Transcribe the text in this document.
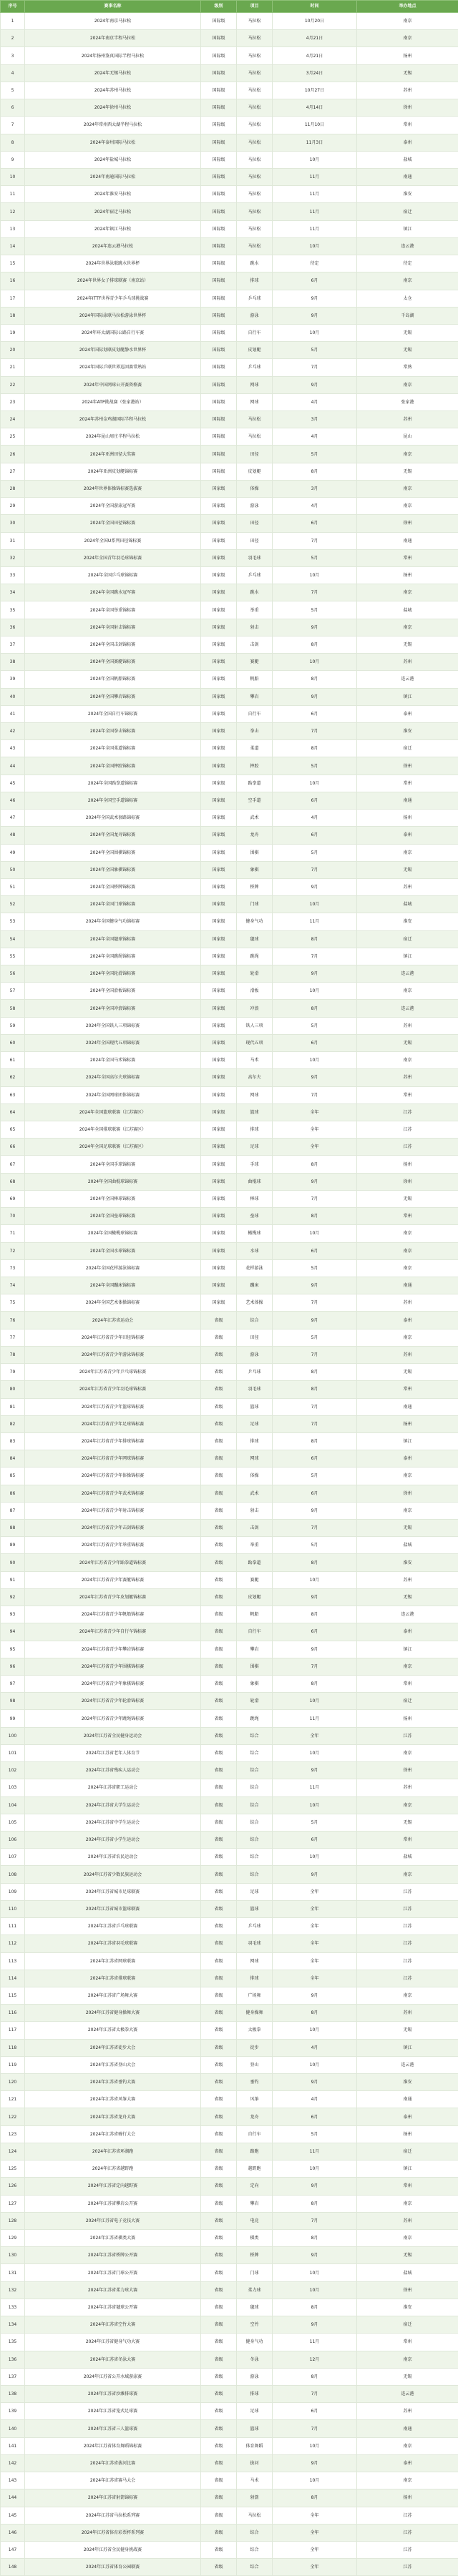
序号	赛事名称	级别	项目	时间	举办地点
1	2024年南京马拉松	国际级	马拉松	10月20日	南京
2	2024年南京半程马拉松	国际级	马拉松	4月21日	南京
3	2024年扬州鉴真国际半程马拉松	国际级	马拉松	4月21日	扬州
4	2024年无锡马拉松	国际级	马拉松	3月24日	无锡
5	2024年苏州马拉松	国际级	马拉松	10月27日	苏州
6	2024年徐州马拉松	国际级	马拉松	4月14日	徐州
7	2024年常州西太湖半程马拉松	国际级	马拉松	11月10日	常州
8	2024年泰州国际马拉松	国际级	马拉松	11月3日	泰州
9	2024年盐城马拉松	国际级	马拉松	10月	盐城
10	2024年南通国际马拉松	国际级	马拉松	11月	南通
11	2024年淮安马拉松	国际级	马拉松	11月	淮安
12	2024年宿迁马拉松	国际级	马拉松	11月	宿迁
13	2024年镇江马拉松	国际级	马拉松	11月	镇江
14	2024年连云港马拉松	国际级	马拉松	10月	连云港
15	2024年世界泳联跳水世界杯	国际级	跳水	待定	待定
16	2024年世界女子排球联赛（南京站）	国际级	排球	6月	南京
17	2024年ITTF世界青少年乒乓球挑战赛	国际级	乒乓球	9月	太仓
18	2024年国际泳联马拉松游泳世界杯	国际级	游泳	9月	千岛湖
19	2024年环太湖国际公路自行车赛	国际级	自行车	10月	无锡
20	2024年国际划联皮划艇静水世界杯	国际级	皮划艇	5月	无锡
21	2024年国际乒联世界巡回赛常熟站	国际级	乒乓球	7月	常熟
22	2024年中国网球公开赛资格赛	国际级	网球	9月	南京
23	2024年ATP挑战赛（张家港站）	国际级	网球	4月	张家港
24	2024年苏州金鸡湖国际半程马拉松	国际级	马拉松	3月	苏州
25	2024年昆山周庄半程马拉松	国际级	马拉松	4月	昆山
26	2024年亚洲田径大奖赛	国际级	田径	5月	南京
27	2024年亚洲皮划艇锦标赛	国际级	皮划艇	8月	无锡
28	2024年世界体操锦标赛选拔赛	国家级	体操	3月	南京
29	2024年全国游泳冠军赛	国家级	游泳	4月	南京
30	2024年全国田径锦标赛	国家级	田径	6月	徐州
31	2024年全国U系列田径锦标赛	国家级	田径	7月	南通
32	2024年全国青年羽毛球锦标赛	国家级	羽毛球	5月	常州
33	2024年全国乒乓球锦标赛	国家级	乒乓球	10月	扬州
34	2024年全国跳水冠军赛	国家级	跳水	7月	南京
35	2024年全国举重锦标赛	国家级	举重	5月	盐城
36	2024年全国射击锦标赛	国家级	射击	9月	南京
37	2024年全国击剑锦标赛	国家级	击剑	8月	无锡
38	2024年全国赛艇锦标赛	国家级	赛艇	10月	苏州
39	2024年全国帆船锦标赛	国家级	帆船	8月	连云港
40	2024年全国攀岩锦标赛	国家级	攀岩	9月	镇江
41	2024年全国自行车锦标赛	国家级	自行车	6月	泰州
42	2024年全国拳击锦标赛	国家级	拳击	7月	淮安
43	2024年全国柔道锦标赛	国家级	柔道	8月	宿迁
44	2024年全国摔跤锦标赛	国家级	摔跤	5月	徐州
45	2024年全国跆拳道锦标赛	国家级	跆拳道	10月	常州
46	2024年全国空手道锦标赛	国家级	空手道	6月	南通
47	2024年全国武术套路锦标赛	国家级	武术	4月	扬州
48	2024年全国龙舟锦标赛	国家级	龙舟	6月	泰州
49	2024年全国围棋锦标赛	国家级	围棋	5月	南京
50	2024年全国象棋锦标赛	国家级	象棋	7月	无锡
51	2024年全国桥牌锦标赛	国家级	桥牌	9月	苏州
52	2024年全国门球锦标赛	国家级	门球	10月	盐城
53	2024年全国健身气功锦标赛	国家级	健身气功	11月	淮安
54	2024年全国毽球锦标赛	国家级	毽球	8月	宿迁
55	2024年全国跳绳锦标赛	国家级	跳绳	7月	镇江
56	2024年全国轮滑锦标赛	国家级	轮滑	9月	连云港
57	2024年全国滑板锦标赛	国家级	滑板	10月	南京
58	2024年全国冲浪锦标赛	国家级	冲浪	8月	连云港
59	2024年全国铁人三项锦标赛	国家级	铁人三项	5月	苏州
60	2024年全国现代五项锦标赛	国家级	现代五项	6月	无锡
61	2024年全国马术锦标赛	国家级	马术	10月	南京
62	2024年全国高尔夫球锦标赛	国家级	高尔夫	9月	苏州
63	2024年全国网球团体锦标赛	国家级	网球	7月	常州
64	2024年全国篮球联赛（江苏赛区）	国家级	篮球	全年	江苏
65	2024年全国排球联赛（江苏赛区）	国家级	排球	全年	江苏
66	2024年全国足球联赛（江苏赛区）	国家级	足球	全年	江苏
67	2024年全国手球锦标赛	国家级	手球	8月	扬州
68	2024年全国曲棍球锦标赛	国家级	曲棍球	9月	徐州
69	2024年全国棒球锦标赛	国家级	棒球	7月	无锡
70	2024年全国垒球锦标赛	国家级	垒球	8月	常州
71	2024年全国橄榄球锦标赛	国家级	橄榄球	10月	南京
72	2024年全国水球锦标赛	国家级	水球	6月	南京
73	2024年全国花样游泳锦标赛	国家级	花样游泳	5月	南京
74	2024年全国蹦床锦标赛	国家级	蹦床	9月	南通
75	2024年全国艺术体操锦标赛	国家级	艺术体操	7月	苏州
76	2024年江苏省运动会	省级	综合	9月	泰州
77	2024年江苏省青少年田径锦标赛	省级	田径	5月	南京
78	2024年江苏省青少年游泳锦标赛	省级	游泳	7月	苏州
79	2024年江苏省青少年乒乓球锦标赛	省级	乒乓球	8月	无锡
80	2024年江苏省青少年羽毛球锦标赛	省级	羽毛球	8月	常州
81	2024年江苏省青少年篮球锦标赛	省级	篮球	7月	南通
82	2024年江苏省青少年足球锦标赛	省级	足球	7月	扬州
83	2024年江苏省青少年排球锦标赛	省级	排球	8月	镇江
84	2024年江苏省青少年网球锦标赛	省级	网球	6月	泰州
85	2024年江苏省青少年体操锦标赛	省级	体操	5月	南京
86	2024年江苏省青少年武术锦标赛	省级	武术	6月	徐州
87	2024年江苏省青少年射击锦标赛	省级	射击	9月	南京
88	2024年江苏省青少年击剑锦标赛	省级	击剑	7月	无锡
89	2024年江苏省青少年举重锦标赛	省级	举重	5月	盐城
90	2024年江苏省青少年跆拳道锦标赛	省级	跆拳道	8月	淮安
91	2024年江苏省青少年赛艇锦标赛	省级	赛艇	10月	苏州
92	2024年江苏省青少年皮划艇锦标赛	省级	皮划艇	9月	无锡
93	2024年江苏省青少年帆船锦标赛	省级	帆船	8月	连云港
94	2024年江苏省青少年自行车锦标赛	省级	自行车	6月	泰州
95	2024年江苏省青少年攀岩锦标赛	省级	攀岩	9月	镇江
96	2024年江苏省青少年围棋锦标赛	省级	围棋	7月	南京
97	2024年江苏省青少年象棋锦标赛	省级	象棋	8月	常州
98	2024年江苏省青少年轮滑锦标赛	省级	轮滑	10月	宿迁
99	2024年江苏省青少年跳绳锦标赛	省级	跳绳	11月	扬州
100	2024年江苏省全民健身运动会	省级	综合	全年	江苏
101	2024年江苏省老年人体育节	省级	综合	10月	南京
102	2024年江苏省残疾人运动会	省级	综合	9月	徐州
103	2024年江苏省职工运动会	省级	综合	11月	苏州
104	2024年江苏省大学生运动会	省级	综合	10月	南京
105	2024年江苏省中学生运动会	省级	综合	5月	无锡
106	2024年江苏省小学生运动会	省级	综合	6月	常州
107	2024年江苏省农民运动会	省级	综合	10月	盐城
108	2024年江苏省少数民族运动会	省级	综合	9月	南京
109	2024年江苏省城市足球联赛	省级	足球	全年	江苏
110	2024年江苏省城市篮球联赛	省级	篮球	全年	江苏
111	2024年江苏省乒乓球联赛	省级	乒乓球	全年	江苏
112	2024年江苏省羽毛球联赛	省级	羽毛球	全年	江苏
113	2024年江苏省网球联赛	省级	网球	全年	江苏
114	2024年江苏省排球联赛	省级	排球	全年	江苏
115	2024年江苏省广场舞大赛	省级	广场舞	9月	南京
116	2024年江苏省健身操舞大赛	省级	健身操舞	8月	苏州
117	2024年江苏省太极拳大赛	省级	太极拳	10月	无锡
118	2024年江苏省徒步大会	省级	徒步	4月	镇江
119	2024年江苏省登山大会	省级	登山	10月	连云港
120	2024年江苏省垂钓大赛	省级	垂钓	9月	淮安
121	2024年江苏省风筝大赛	省级	风筝	4月	南通
122	2024年江苏省龙舟大赛	省级	龙舟	6月	泰州
123	2024年江苏省骑行大会	省级	自行车	5月	扬州
124	2024年江苏省环湖跑	省级	路跑	11月	宿迁
125	2024年江苏省越野跑	省级	越野跑	10月	镇江
126	2024年江苏省定向越野赛	省级	定向	9月	常州
127	2024年江苏省攀岩公开赛	省级	攀岩	8月	南京
128	2024年江苏省电子竞技大赛	省级	电竞	7月	苏州
129	2024年江苏省棋类大赛	省级	棋类	8月	南京
130	2024年江苏省桥牌公开赛	省级	桥牌	9月	无锡
131	2024年江苏省门球公开赛	省级	门球	10月	盐城
132	2024年江苏省柔力球大赛	省级	柔力球	10月	徐州
133	2024年江苏省毽球公开赛	省级	毽球	8月	淮安
134	2024年江苏省空竹大赛	省级	空竹	9月	宿迁
135	2024年江苏省健身气功大赛	省级	健身气功	11月	常州
136	2024年江苏省冬泳大赛	省级	冬泳	12月	南京
137	2024年江苏省公开水域游泳赛	省级	游泳	8月	无锡
138	2024年江苏省沙滩排球赛	省级	排球	7月	连云港
139	2024年江苏省笼式足球赛	省级	足球	6月	苏州
140	2024年江苏省三人篮球赛	省级	篮球	7月	南通
141	2024年江苏省体育舞蹈锦标赛	省级	体育舞蹈	10月	南京
142	2024年江苏省拔河比赛	省级	拔河	9月	泰州
143	2024年江苏省赛马大会	省级	马术	10月	南京
144	2024年江苏省射箭锦标赛	省级	射箭	8月	扬州
145	2024年江苏省马拉松系列赛	省级	马拉松	全年	江苏
146	2024年江苏省体育彩票杯系列赛	省级	综合	全年	江苏
147	2024年江苏省全民健身挑战赛	省级	综合	全年	江苏
148	2024年江苏省体育公园联赛	省级	综合	全年	江苏
